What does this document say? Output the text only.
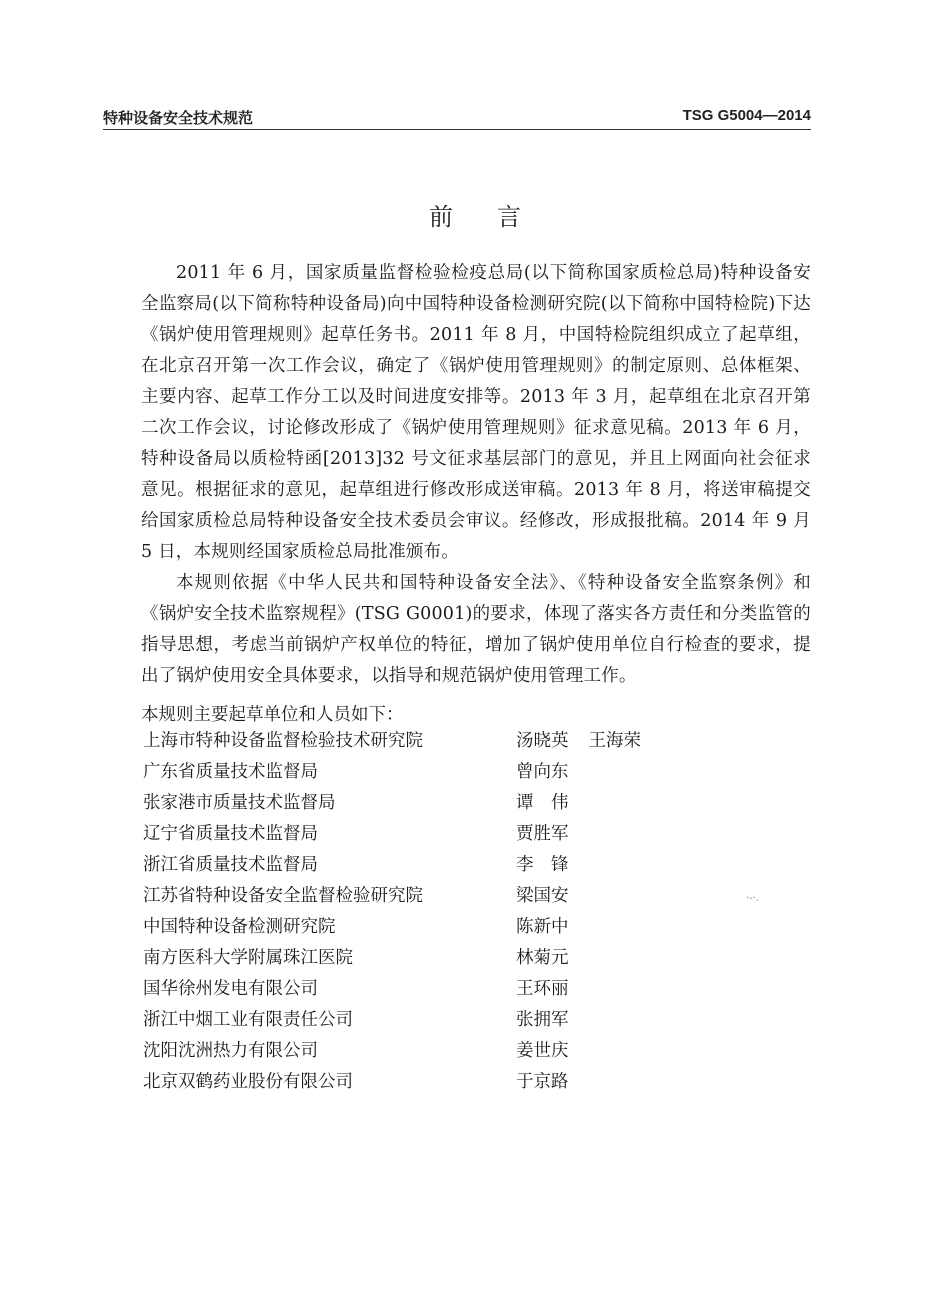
特种设备安全技术规范	TSG G5004—2014
前言

2011 年 6 月，国家质量监督检验检疫总局(以下简称国家质检总局)特种设备安全监察局(以下简称特种设备局)向中国特种设备检测研究院(以下简称中国特检院)下达《锅炉使用管理规则》起草任务书。2011 年 8 月，中国特检院组织成立了起草组，在北京召开第一次工作会议，确定了《锅炉使用管理规则》的制定原则、总体框架、主要内容、起草工作分工以及时间进度安排等。2013 年 3 月，起草组在北京召开第二次工作会议，讨论修改形成了《锅炉使用管理规则》征求意见稿。2013 年 6 月，特种设备局以质检特函[2013]32 号文征求基层部门的意见，并且上网面向社会征求意见。根据征求的意见，起草组进行修改形成送审稿。2013 年 8 月，将送审稿提交给国家质检总局特种设备安全技术委员会审议。经修改，形成报批稿。2014 年 9 月 5 日，本规则经国家质检总局批准颁布。

本规则依据《中华人民共和国特种设备安全法》、《特种设备安全监察条例》和《锅炉安全技术监察规程》(TSG G0001)的要求，体现了落实各方责任和分类监管的指导思想，考虑当前锅炉产权单位的特征，增加了锅炉使用单位自行检查的要求，提出了锅炉使用安全具体要求，以指导和规范锅炉使用管理工作。

本规则主要起草单位和人员如下：
上海市特种设备监督检验技术研究院	汤晓英 王海荣
广东省质量技术监督局	曾向东
张家港市质量技术监督局	谭　伟
辽宁省质量技术监督局	贾胜军
浙江省质量技术监督局	李　锋
江苏省特种设备安全监督检验研究院	梁国安
中国特种设备检测研究院	陈新中
南方医科大学附属珠江医院	林菊元
国华徐州发电有限公司	王环丽
浙江中烟工业有限责任公司	张拥军
沈阳沈洲热力有限公司	姜世庆
北京双鹤药业股份有限公司	于京路
·-·.
